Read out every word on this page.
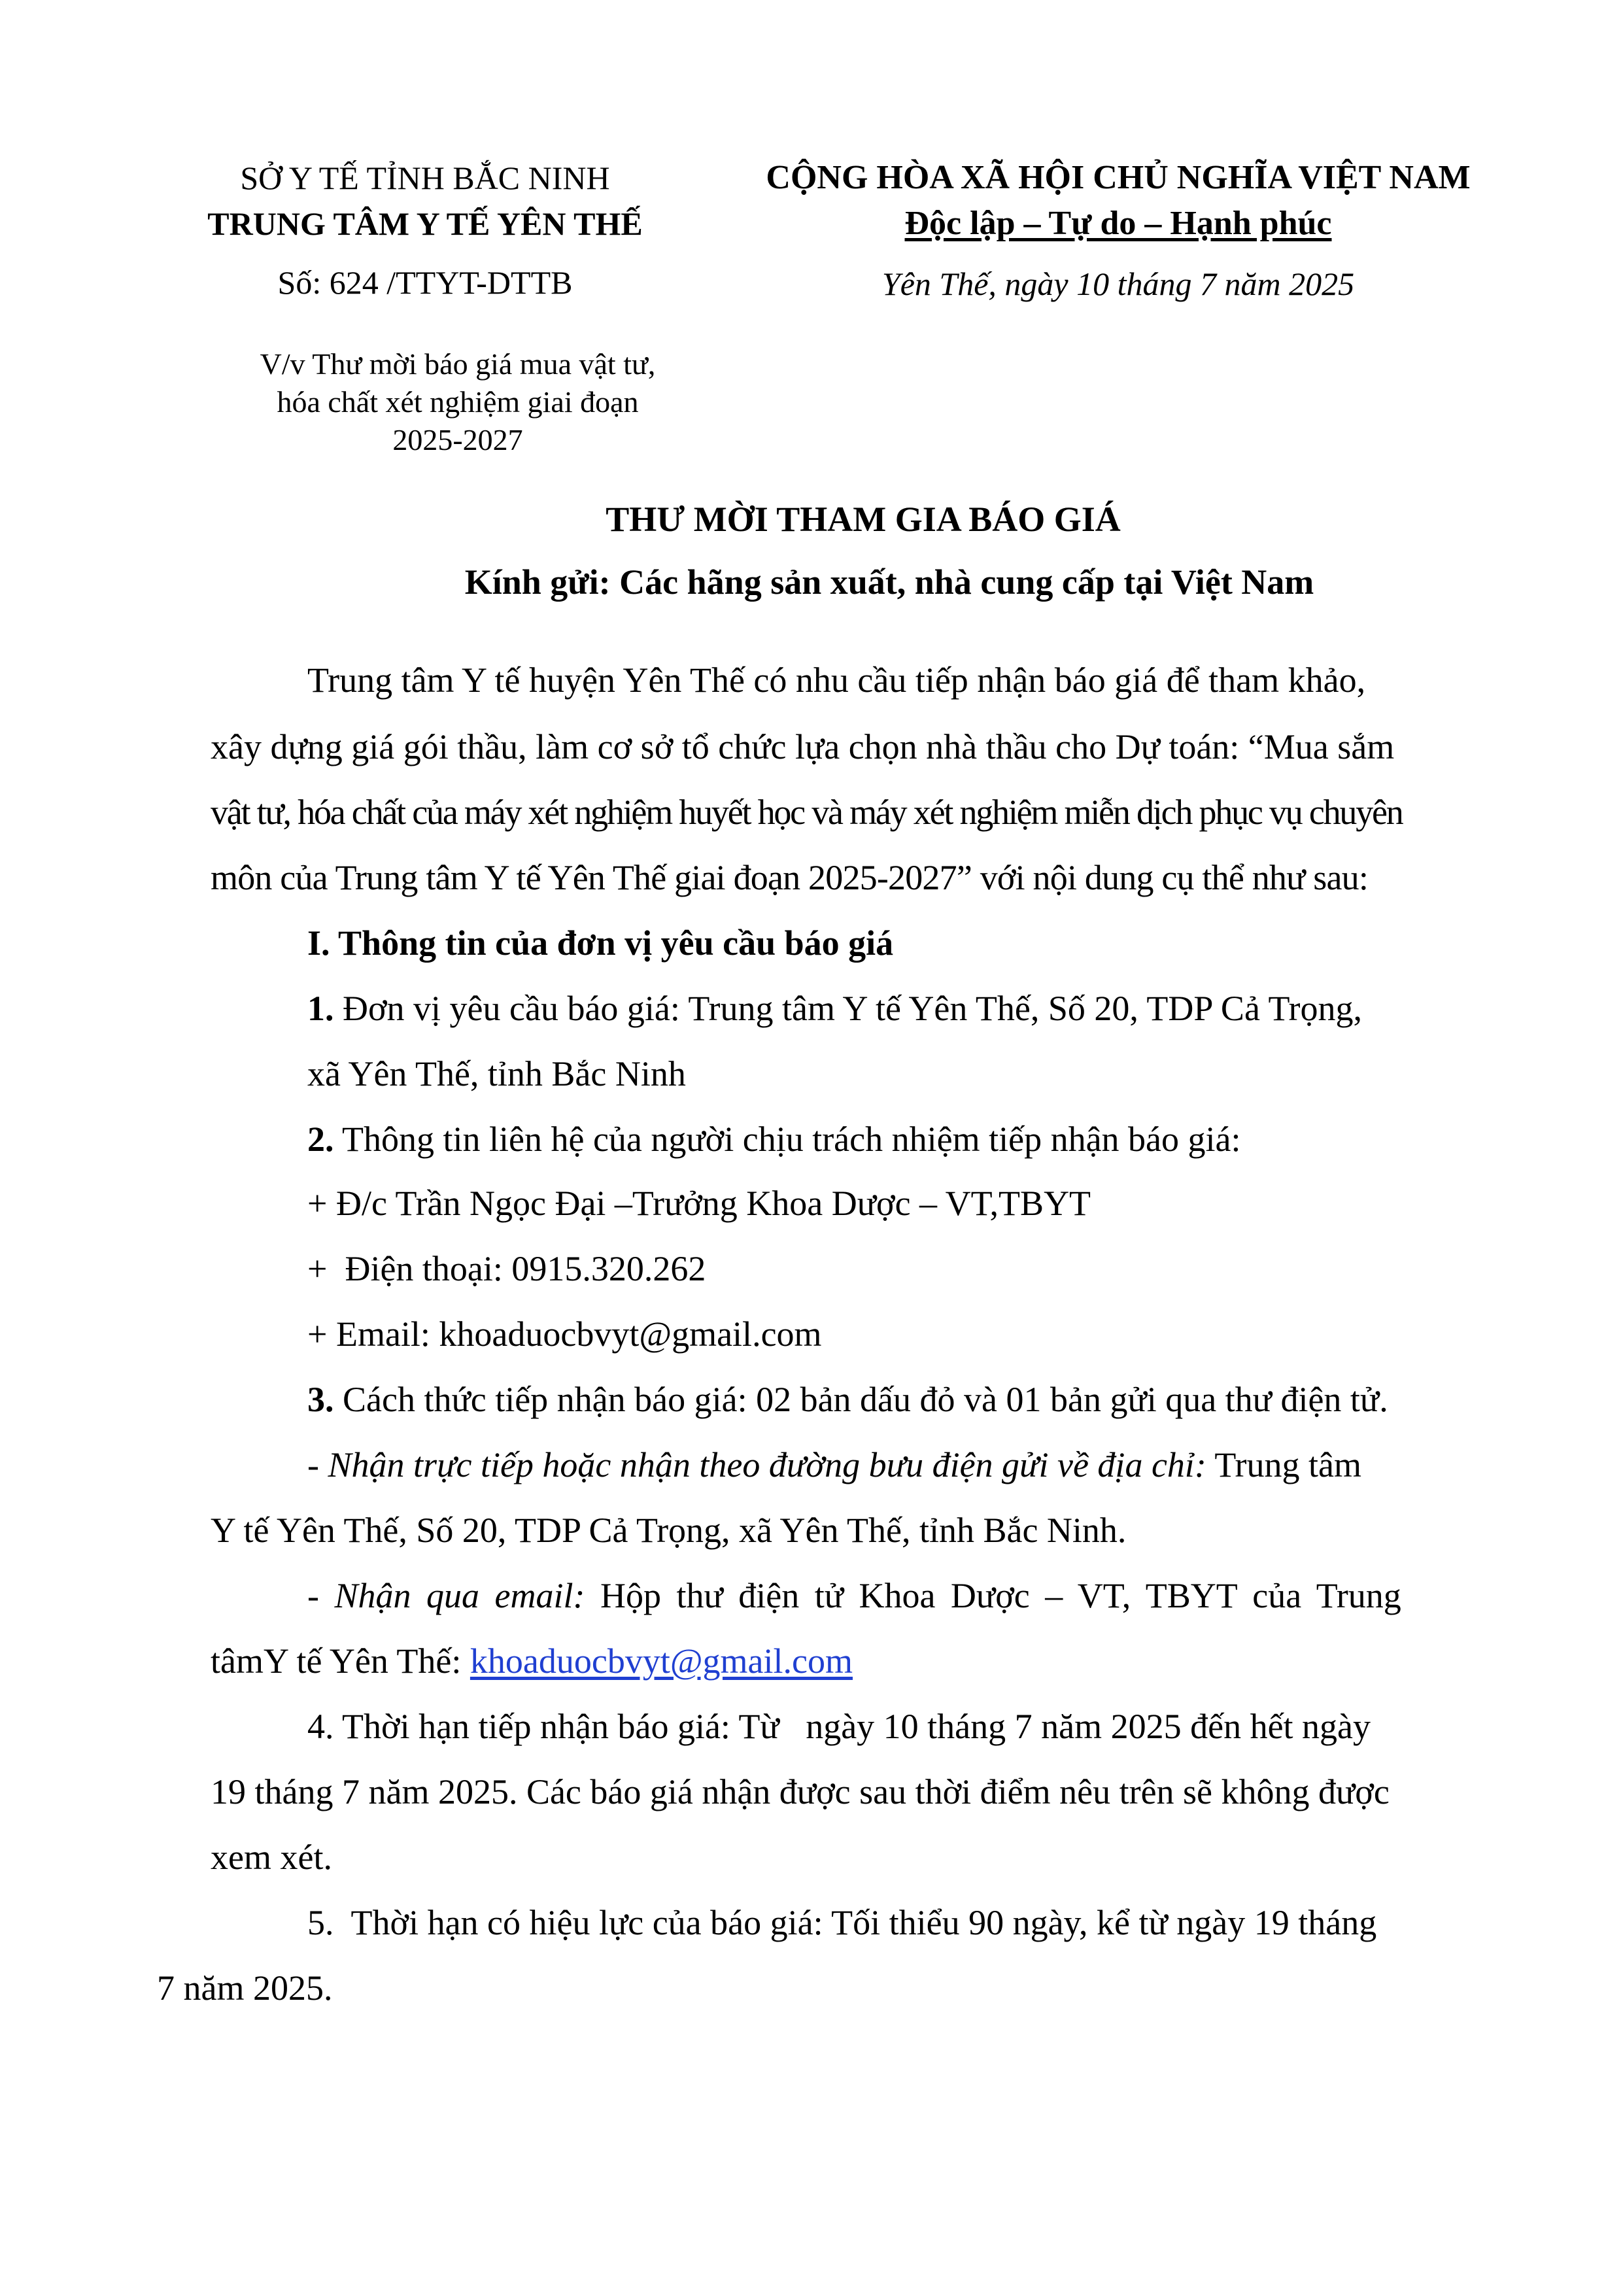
SỞ Y TẾ TỈNH BẮC NINH
TRUNG TÂM Y TẾ YÊN THẾ
Số: 624 /TTYT-DTTB
V/v Thư mời báo giá mua vật tư,
hóa chất xét nghiệm giai đoạn
2025-2027
CỘNG HÒA XÃ HỘI CHỦ NGHĨA VIỆT NAM
Độc lập – Tự do – Hạnh phúc
Yên Thế, ngày 10 tháng 7 năm 2025
THƯ MỜI THAM GIA BÁO GIÁ
Kính gửi: Các hãng sản xuất, nhà cung cấp tại Việt Nam
Trung tâm Y tế huyện Yên Thế có nhu cầu tiếp nhận báo giá để tham khảo,
xây dựng giá gói thầu, làm cơ sở tổ chức lựa chọn nhà thầu cho Dự toán: “Mua sắm
vật tư, hóa chất của máy xét nghiệm huyết học và máy xét nghiệm miễn dịch phục vụ chuyên
môn của Trung tâm Y tế Yên Thế giai đoạn 2025-2027” với nội dung cụ thể như sau:
I. Thông tin của đơn vị yêu cầu báo giá
1. Đơn vị yêu cầu báo giá: Trung tâm Y tế Yên Thế, Số 20, TDP Cả Trọng,
xã Yên Thế, tỉnh Bắc Ninh
2. Thông tin liên hệ của người chịu trách nhiệm tiếp nhận báo giá:
+ Đ/c Trần Ngọc Đại –Trưởng Khoa Dược – VT,TBYT
+  Điện thoại: 0915.320.262
+ Email: khoaduocbvyt@gmail.com
3. Cách thức tiếp nhận báo giá: 02 bản dấu đỏ và 01 bản gửi qua thư điện tử.
- Nhận trực tiếp hoặc nhận theo đường bưu điện gửi về địa chỉ: Trung tâm
Y tế Yên Thế, Số 20, TDP Cả Trọng, xã Yên Thế, tỉnh Bắc Ninh.
- Nhận qua email: Hộp thư điện tử Khoa Dược – VT, TBYT của Trung
tâmY tế Yên Thế: khoaduocbvyt@gmail.com
4. Thời hạn tiếp nhận báo giá: Từ   ngày 10 tháng 7 năm 2025 đến hết ngày
19 tháng 7 năm 2025. Các báo giá nhận được sau thời điểm nêu trên sẽ không được
xem xét.
5.  Thời hạn có hiệu lực của báo giá: Tối thiểu 90 ngày, kể từ ngày 19 tháng
7 năm 2025.
